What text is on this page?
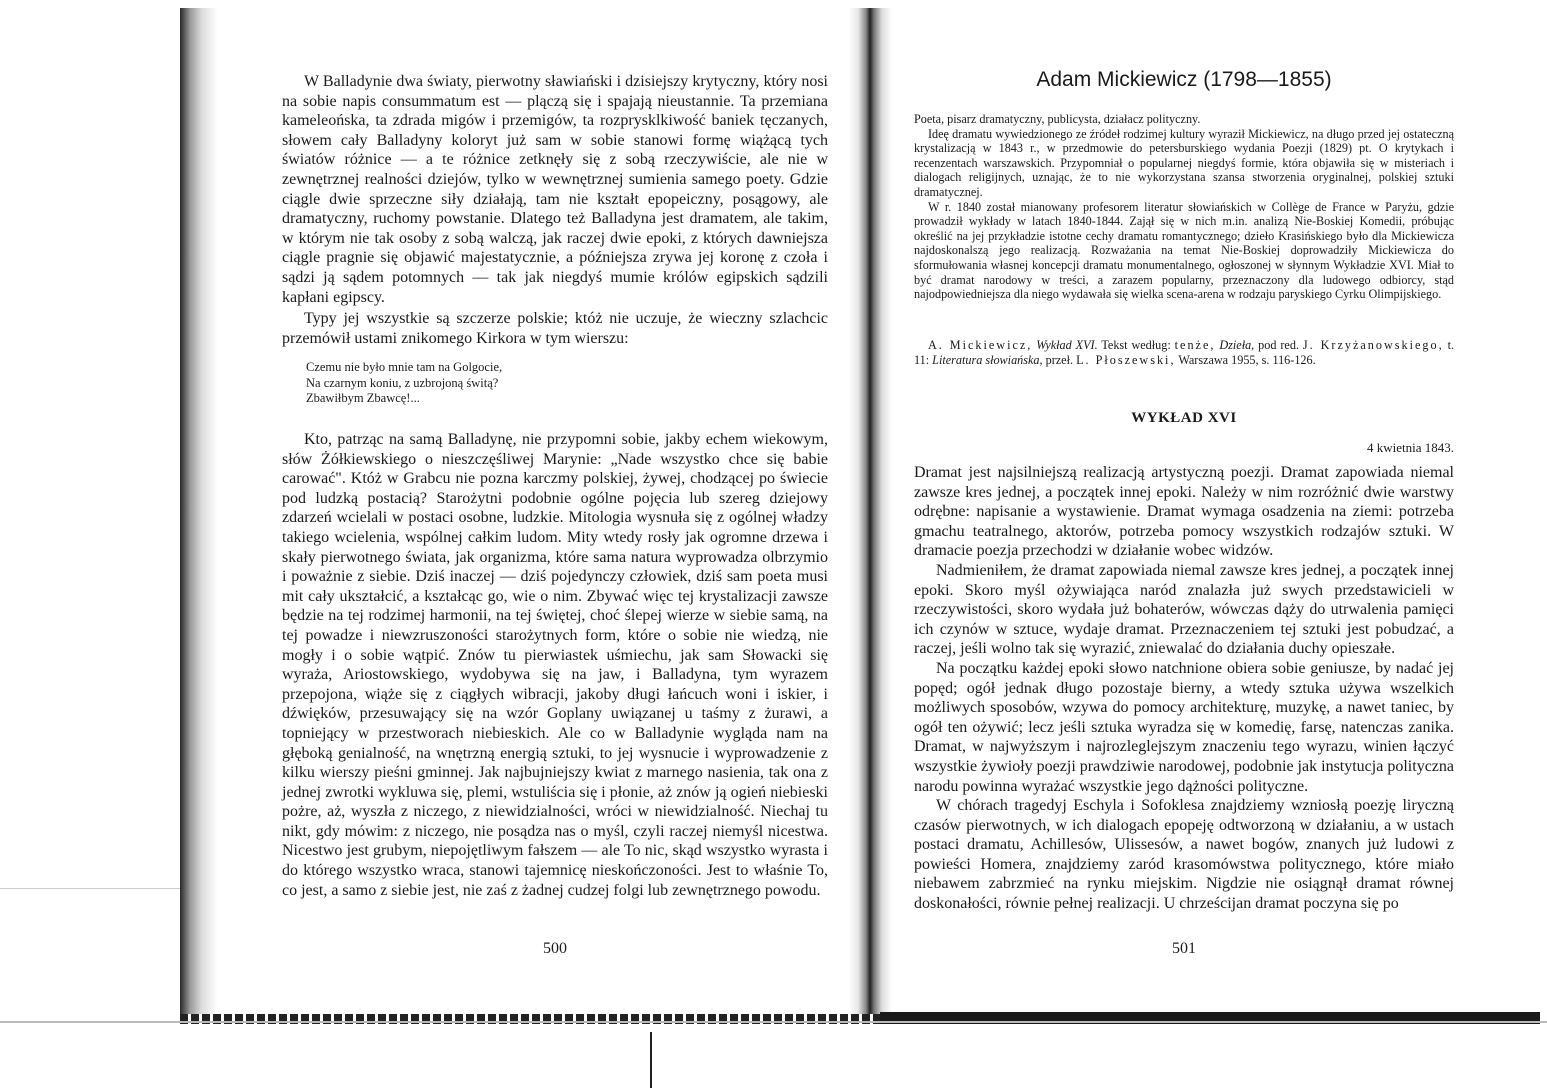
W Balladynie dwa światy, pierwotny sławiański i dzisiejszy krytyczny, który nosi na sobie napis consummatum est — plączą się i spajają nieustannie. Ta przemiana kameleońska, ta zdrada migów i przemigów, ta rozprysklkiwość baniek tęczanych, słowem cały Balladyny koloryt już sam w sobie stanowi formę wiążącą tych światów różnice — a te różnice zetknęły się z sobą rzeczywiście, ale nie w zewnętrznej realności dziejów, tylko w wewnętrznej sumienia samego poety. Gdzie ciągle dwie sprzeczne siły działają, tam nie kształt epopeiczny, posągowy, ale dramatyczny, ruchomy powstanie. Dlatego też Balladyna jest dramatem, ale takim, w którym nie tak osoby z sobą walczą, jak raczej dwie epoki, z których dawniejsza ciągle pragnie się objawić majestatycznie, a późniejsza zrywa jej koronę z czoła i sądzi ją sądem potomnych — tak jak niegdyś mumie królów egipskich sądzili kapłani egipscy.

Typy jej wszystkie są szczerze polskie; któż nie uczuje, że wieczny szlachcic przemówił ustami znikomego Kirkora w tym wierszu:

Czemu nie było mnie tam na Golgocie,
Na czarnym koniu, z uzbrojoną świtą?
Zbawiłbym Zbawcę!...

Kto, patrząc na samą Balladynę, nie przypomni sobie, jakby echem wiekowym, słów Żółkiewskiego o nieszczęśliwej Marynie: „Nade wszystko chce się babie carować". Któż w Grabcu nie pozna karczmy polskiej, żywej, chodzącej po świecie pod ludzką postacią? Starożytni podobnie ogólne pojęcia lub szereg dziejowy zdarzeń wcielali w postaci osobne, ludzkie. Mitologia wysnuła się z ogólnej władzy takiego wcielenia, wspólnej całkim ludom. Mity wtedy rosły jak ogromne drzewa i skały pierwotnego świata, jak organizma, które sama natura wyprowadza olbrzymio i poważnie z siebie. Dziś inaczej — dziś pojedynczy człowiek, dziś sam poeta musi mit cały ukształcić, a kształcąc go, wie o nim. Zbywać więc tej krystalizacji zawsze będzie na tej rodzimej harmonii, na tej świętej, choć ślepej wierze w siebie samą, na tej powadze i niewzruszoności starożytnych form, które o sobie nie wiedzą, nie mogły i o sobie wątpić. Znów tu pierwiastek uśmiechu, jak sam Słowacki się wyraża, Ariostowskiego, wydobywa się na jaw, i Balladyna, tym wyrazem przepojona, wiąże się z ciągłych wibracji, jakoby długi łańcuch woni i iskier, i dźwięków, przesuwający się na wzór Goplany uwiązanej u taśmy z żurawi, a topniejący w przestworach niebieskich. Ale co w Balladynie wygląda nam na głęboką genialność, na wnętrzną energią sztuki, to jej wysnucie i wyprowadzenie z kilku wierszy pieśni gminnej. Jak najbujniejszy kwiat z marnego nasienia, tak ona z jednej zwrotki wykluwa się, plemi, wstuliścia się i płonie, aż znów ją ogień niebieski pożre, aż, wyszła z niczego, z niewidzialności, wróci w niewidzialność. Niechaj tu nikt, gdy mówim: z niczego, nie posądza nas o myśl, czyli raczej niemyśl nicestwa. Nicestwo jest grubym, niepojętliwym fałszem — ale To nic, skąd wszystko wyrasta i do którego wszystko wraca, stanowi tajemnicę nieskończoności. Jest to właśnie To, co jest, a samo z siebie jest, nie zaś z żadnej cudzej folgi lub zewnętrznego powodu.

500
Adam Mickiewicz (1798—1855)

Poeta, pisarz dramatyczny, publicysta, działacz polityczny.

Ideę dramatu wywiedzionego ze źródeł rodzimej kultury wyraził Mickiewicz, na długo przed jej ostateczną krystalizacją w 1843 r., w przedmowie do petersburskiego wydania Poezji (1829) pt. O krytykach i recenzentach warszawskich. Przypomniał o popularnej niegdyś formie, która objawiła się w misteriach i dialogach religijnych, uznając, że to nie wykorzystana szansa stworzenia oryginalnej, polskiej sztuki dramatycznej.

W r. 1840 został mianowany profesorem literatur słowiańskich w Collège de France w Paryżu, gdzie prowadził wykłady w latach 1840-1844. Zajął się w nich m.in. analizą Nie-Boskiej Komedii, próbując określić na jej przykładzie istotne cechy dramatu romantycznego; dzieło Krasińskiego było dla Mickiewicza najdoskonalszą jego realizacją. Rozważania na temat Nie-Boskiej doprowadziły Mickiewicza do sformułowania własnej koncepcji dramatu monumentalnego, ogłoszonej w słynnym Wykładzie XVI. Miał to być dramat narodowy w treści, a zarazem popularny, przeznaczony dla ludowego odbiorcy, stąd najodpowiedniejsza dla niego wydawała się wielka scena-arena w rodzaju paryskiego Cyrku Olimpijskiego.

A. Mickiewicz, Wykład XVI. Tekst według: tenże, Dzieła, pod red. J. Krzyżanowskiego, t. 11: Literatura słowiańska, przeł. L. Płoszewski, Warszawa 1955, s. 116-126.

WYKŁAD XVI
4 kwietnia 1843.

Dramat jest najsilniejszą realizacją artystyczną poezji. Dramat zapowiada niemal zawsze kres jednej, a początek innej epoki. Należy w nim rozróżnić dwie warstwy odrębne: napisanie a wystawienie. Dramat wymaga osadzenia na ziemi: potrzeba gmachu teatralnego, aktorów, potrzeba pomocy wszystkich rodzajów sztuki. W dramacie poezja przechodzi w działanie wobec widzów.

Nadmieniłem, że dramat zapowiada niemal zawsze kres jednej, a początek innej epoki. Skoro myśl ożywiająca naród znalazła już swych przedstawicieli w rzeczywistości, skoro wydała już bohaterów, wówczas dąży do utrwalenia pamięci ich czynów w sztuce, wydaje dramat. Przeznaczeniem tej sztuki jest pobudzać, a raczej, jeśli wolno tak się wyrazić, zniewalać do działania duchy opieszałe.

Na początku każdej epoki słowo natchnione obiera sobie geniusze, by nadać jej popęd; ogół jednak długo pozostaje bierny, a wtedy sztuka używa wszelkich możliwych sposobów, wzywa do pomocy architekturę, muzykę, a nawet taniec, by ogół ten ożywić; lecz jeśli sztuka wyradza się w komedię, farsę, natenczas zanika. Dramat, w najwyższym i najrozleglejszym znaczeniu tego wyrazu, winien łączyć wszystkie żywioły poezji prawdziwie narodowej, podobnie jak instytucja polityczna narodu powinna wyrażać wszystkie jego dążności polityczne.

W chórach tragedyj Eschyla i Sofoklesa znajdziemy wzniosłą poezję liryczną czasów pierwotnych, w ich dialogach epopeję odtworzoną w działaniu, a w ustach postaci dramatu, Achillesów, Ulissesów, a nawet bogów, znanych już ludowi z powieści Homera, znajdziemy zaród krasomówstwa politycznego, które miało niebawem zabrzmieć na rynku miejskim. Nigdzie nie osiągnął dramat równej doskonałości, równie pełnej realizacji. U chrześcijan dramat poczyna się po

501
